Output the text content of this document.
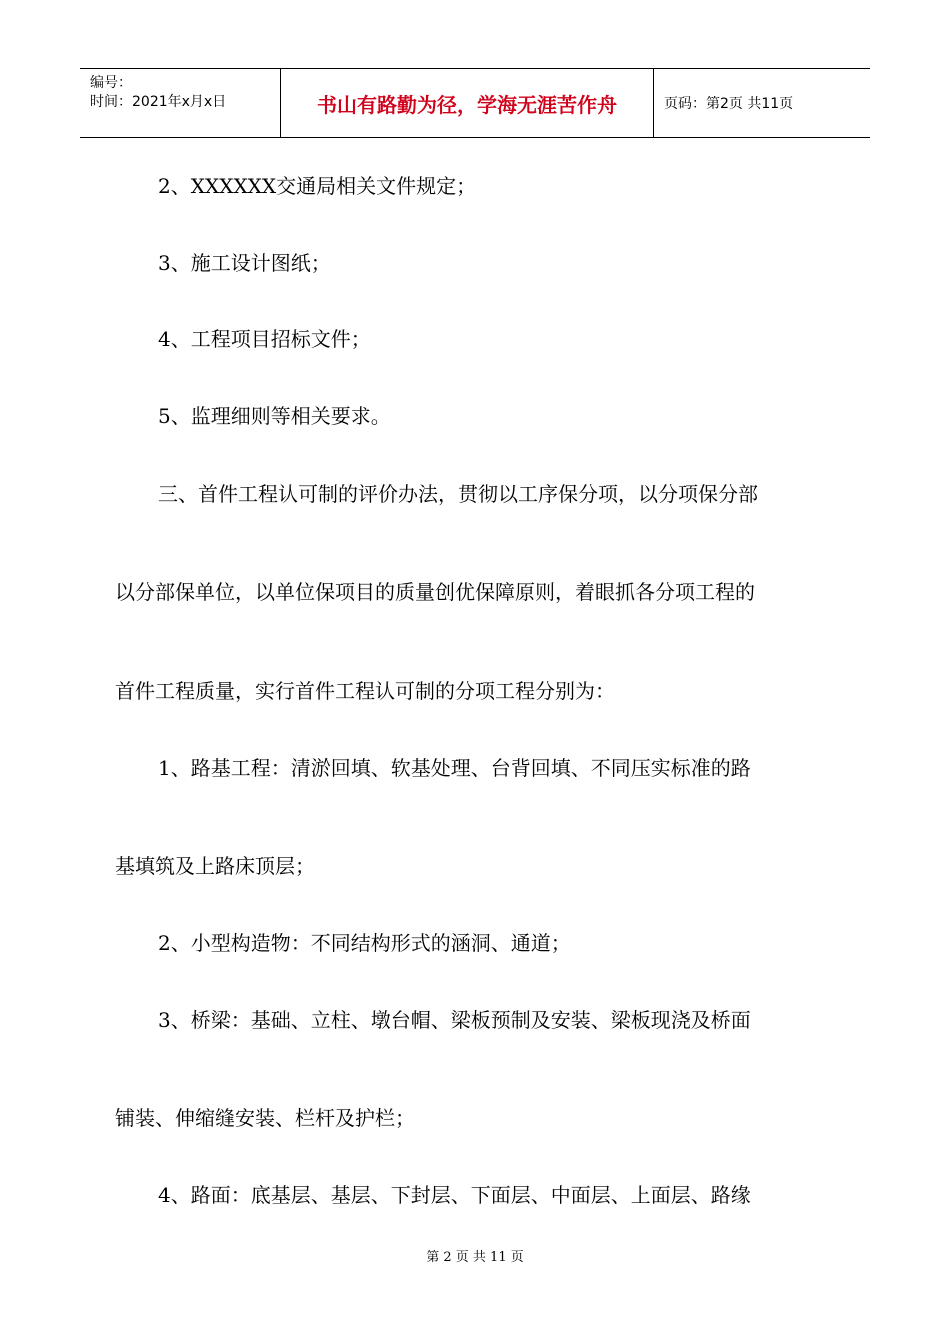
编号：
时间：2021年x月x日	书山有路勤为径，学海无涯苦作舟	页码：第2页 共11页
2、XXXXXX交通局相关文件规定；
3、施工设计图纸；
4、工程项目招标文件；
5、监理细则等相关要求。
三、首件工程认可制的评价办法，贯彻以工序保分项，以分项保分部
以分部保单位，以单位保项目的质量创优保障原则，着眼抓各分项工程的
首件工程质量，实行首件工程认可制的分项工程分别为：
1、路基工程：清淤回填、软基处理、台背回填、不同压实标准的路
基填筑及上路床顶层；
2、小型构造物：不同结构形式的涵洞、通道；
3、桥梁：基础、立柱、墩台帽、梁板预制及安装、梁板现浇及桥面
铺装、伸缩缝安装、栏杆及护栏；
4、路面：底基层、基层、下封层、下面层、中面层、上面层、路缘
第 2 页 共 11 页
